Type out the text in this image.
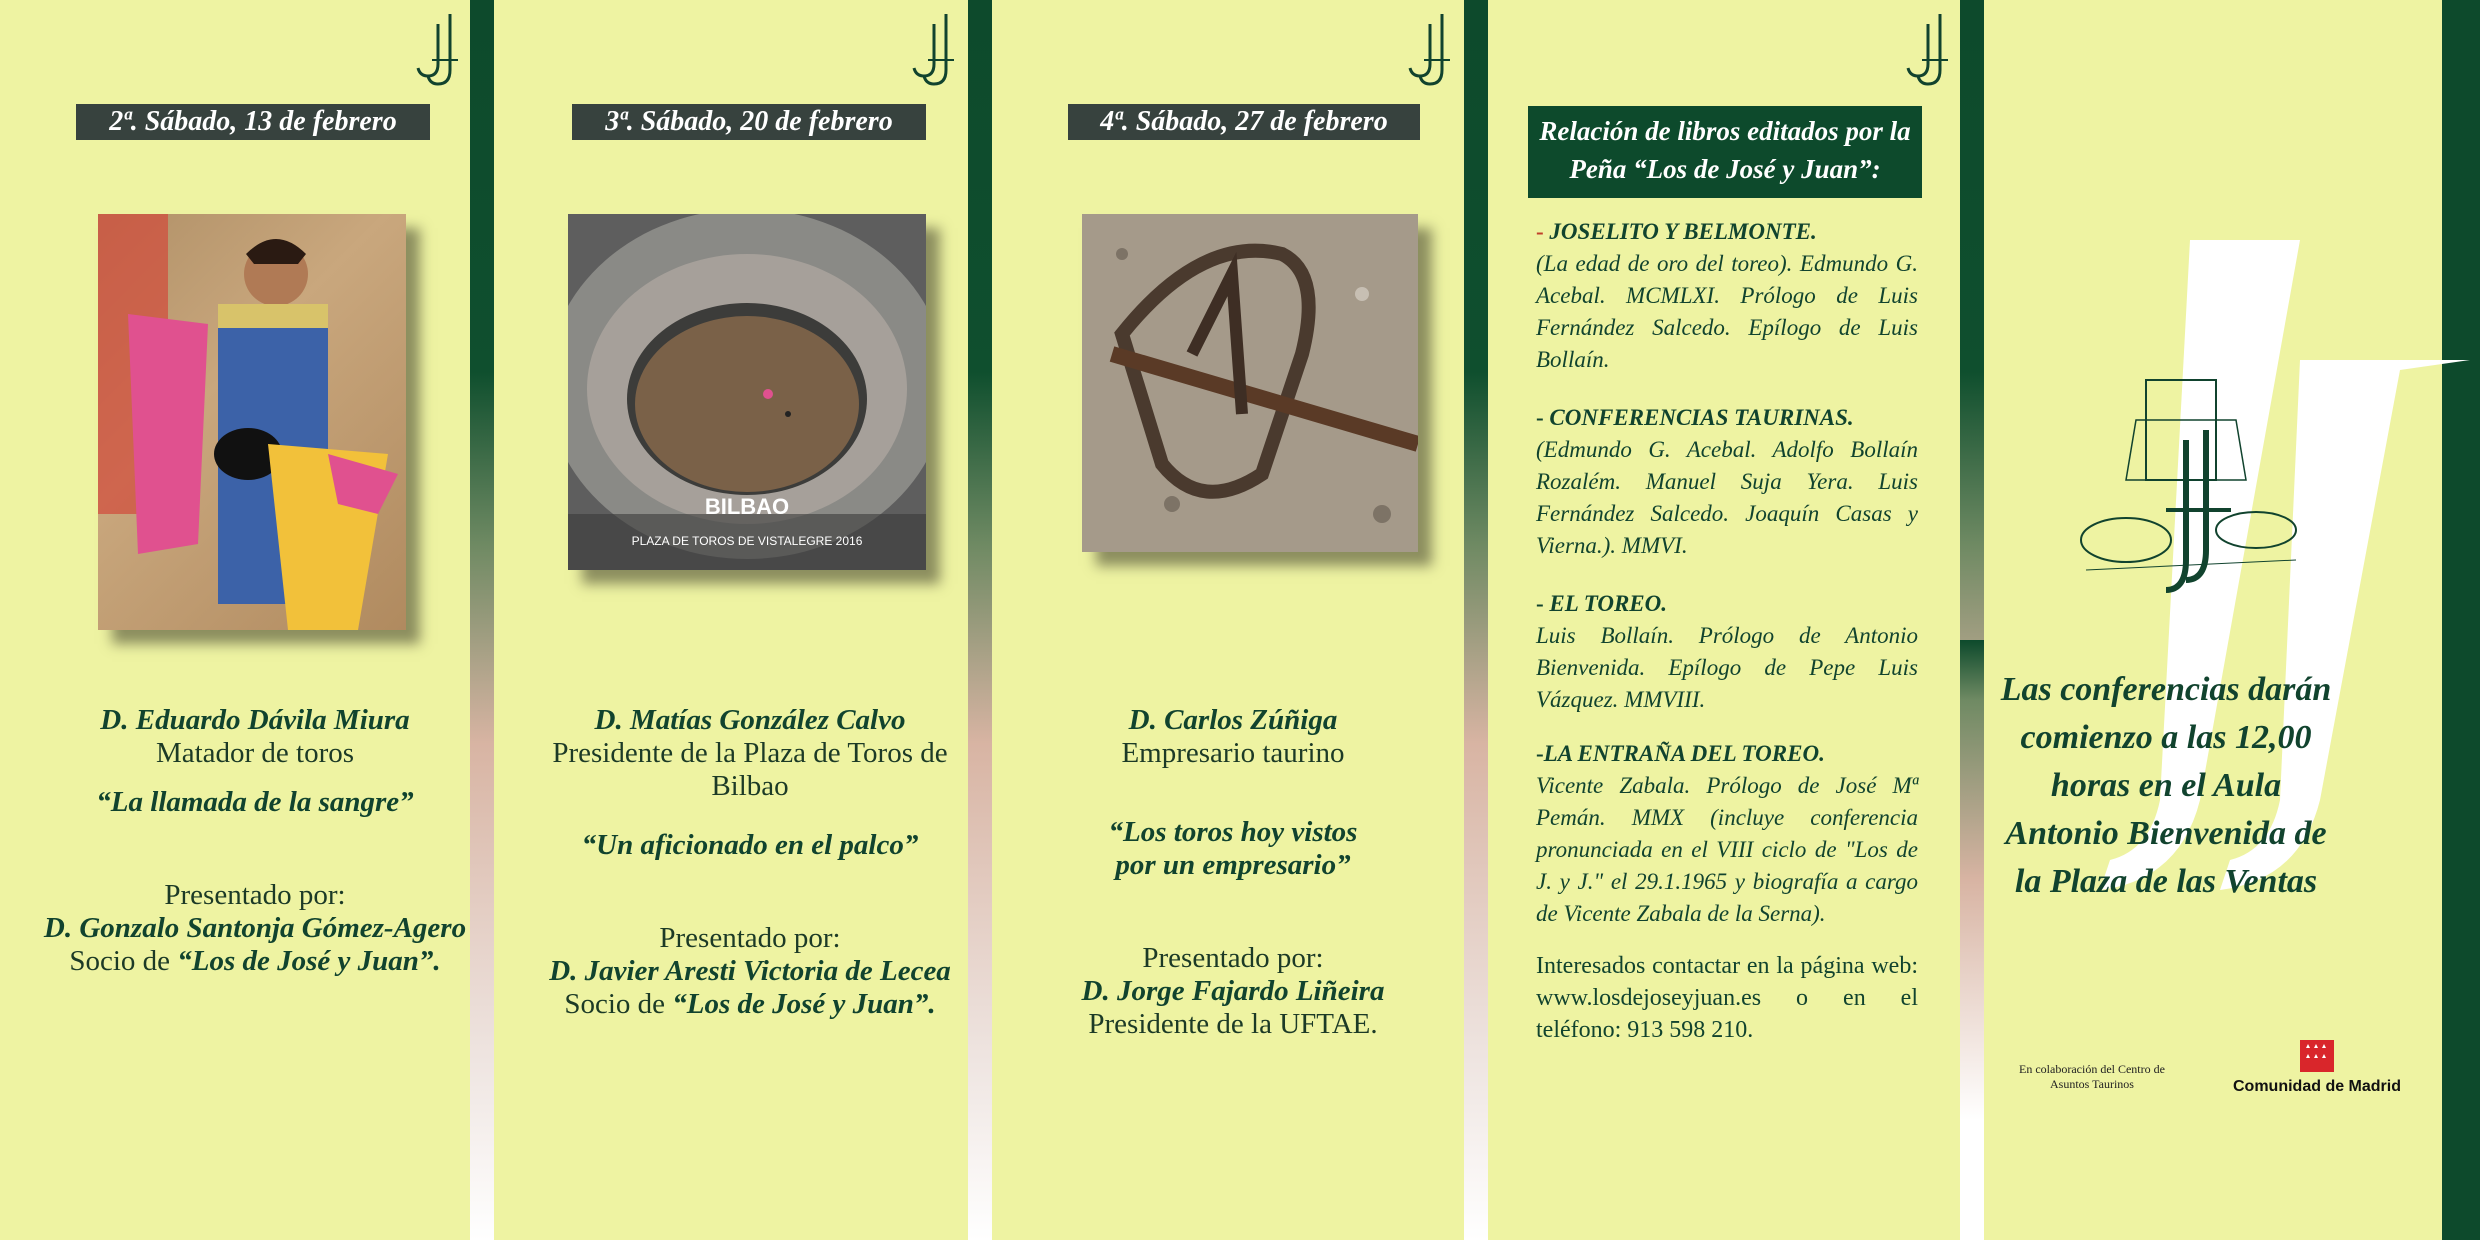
2ª. Sábado, 13 de febrero
D. Eduardo Dávila Miura
Matador de toros
“La llamada de la sangre”
Presentado por:
D. Gonzalo Santonja Gómez-Agero
Socio de “Los de José y Juan”.
3ª. Sábado, 20 de febrero
BILBAO
PLAZA DE TOROS DE VISTALEGRE 2016
D. Matías González Calvo
Presidente de la Plaza de Toros de Bilbao
“Un aficionado en el palco”
Presentado por:
D. Javier Aresti Victoria de Lecea
Socio de “Los de José y Juan”.
4ª. Sábado, 27 de febrero
D. Carlos Zúñiga
Empresario taurino
“Los toros hoy vistos por un empresario”
Presentado por:
D. Jorge Fajardo Liñeira
Presidente de la UFTAE.
Relación de libros editados por la Peña “Los de José y Juan”:
- JOSELITO Y BELMONTE.
(La edad de oro del toreo). Edmundo G. Acebal. MCMLXI. Prólogo de Luis Fernández Salcedo. Epílogo de Luis Bollaín.
- CONFERENCIAS TAURINAS.
(Edmundo G. Acebal. Adolfo Bollaín Rozalém. Manuel Suja Yera. Luis Fernández Salcedo. Joaquín Casas y Vierna.). MMVI.
- EL TOREO.
Luis Bollaín. Prólogo de Antonio Bienvenida. Epílogo de Pepe Luis Vázquez. MMVIII.
-LA ENTRAÑA DEL TOREO.
Vicente Zabala. Prólogo de José Mª Pemán. MMX (incluye conferencia pronunciada en el VIII ciclo de "Los de J. y J." el 29.1.1965 y biografía a cargo de Vicente Zabala de la Serna).
Interesados contactar en la página web: www.losdejoseyjuan.es o en el teléfono: 913 598 210.
Las conferencias darán comienzo a las 12,00 horas en el Aula Antonio Bienvenida de la Plaza de las Ventas
En colaboración del Centro de Asuntos Taurinos	Comunidad de Madrid
